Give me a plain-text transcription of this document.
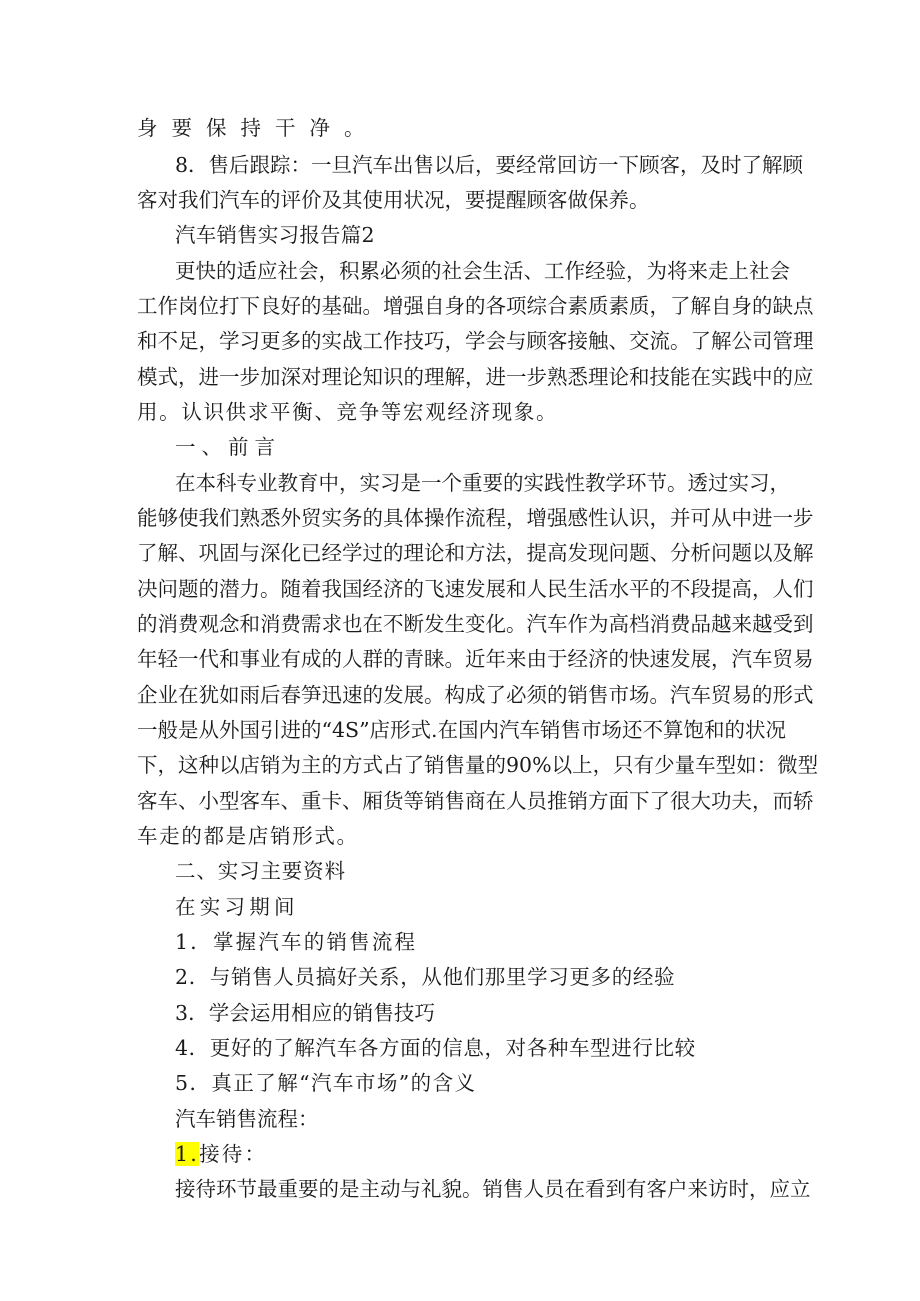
身要保持干净。
8．售后跟踪：一旦汽车出售以后，要经常回访一下顾客，及时了解顾
客对我们汽车的评价及其使用状况，要提醒顾客做保养。
汽车销售实习报告篇2
更快的适应社会，积累必须的社会生活、工作经验，为将来走上社会
工作岗位打下良好的基础。增强自身的各项综合素质素质，了解自身的缺点
和不足，学习更多的实战工作技巧，学会与顾客接触、交流。了解公司管理
模式，进一步加深对理论知识的理解，进一步熟悉理论和技能在实践中的应
用。认识供求平衡、竞争等宏观经济现象。
一、前言
在本科专业教育中，实习是一个重要的实践性教学环节。透过实习，
能够使我们熟悉外贸实务的具体操作流程，增强感性认识，并可从中进一步
了解、巩固与深化已经学过的理论和方法，提高发现问题、分析问题以及解
决问题的潜力。随着我国经济的飞速发展和人民生活水平的不段提高，人们
的消费观念和消费需求也在不断发生变化。汽车作为高档消费品越来越受到
年轻一代和事业有成的人群的青睐。近年来由于经济的快速发展，汽车贸易
企业在犹如雨后春笋迅速的发展。构成了必须的销售市场。汽车贸易的形式
一般是从外国引进的“4S”店形式.在国内汽车销售市场还不算饱和的状况
下，这种以店销为主的方式占了销售量的90%以上，只有少量车型如：微型
客车、小型客车、重卡、厢货等销售商在人员推销方面下了很大功夫，而轿
车走的都是店销形式。
二、实习主要资料
在实习期间
1．掌握汽车的销售流程
2．与销售人员搞好关系，从他们那里学习更多的经验
3．学会运用相应的销售技巧
4．更好的了解汽车各方面的信息，对各种车型进行比较
5．真正了解“汽车市场”的含义
汽车销售流程：
1.接待：
接待环节最重要的是主动与礼貌。销售人员在看到有客户来访时，应立
